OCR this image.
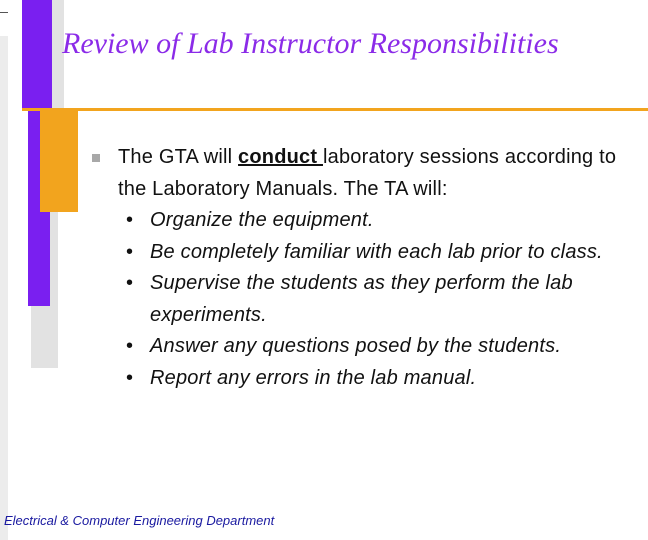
Review of Lab Instructor Responsibilities
The GTA will conduct laboratory sessions according to the Laboratory Manuals. The TA will:
• Organize the equipment.
• Be completely familiar with each lab prior to class.
• Supervise the students as they perform the lab experiments.
• Answer any questions posed by the students.
• Report any errors in the lab manual.
Electrical & Computer Engineering Department
